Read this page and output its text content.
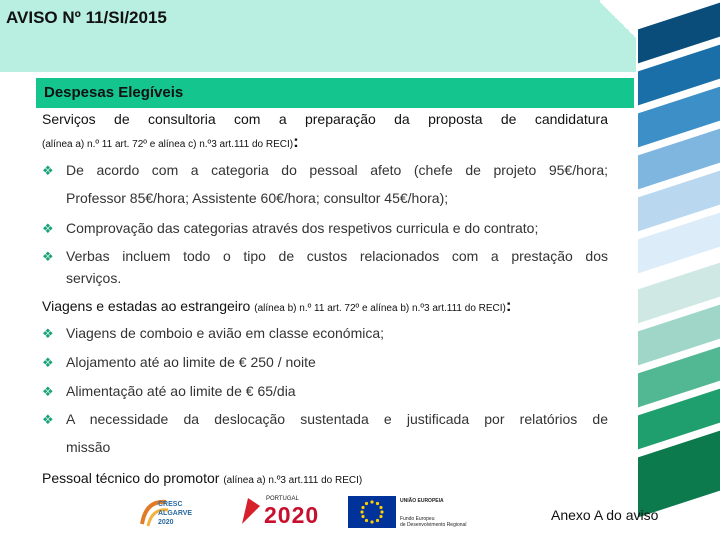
AVISO Nº 11/SI/2015
Despesas Elegíveis
Serviços de consultoria com a preparação da proposta de candidatura
(alínea a) n.º 11 art. 72º e alínea c) n.º3 art.111 do RECI):
❖ De acordo com a categoria do pessoal afeto (chefe de projeto 95€/hora;
Professor 85€/hora; Assistente 60€/hora; consultor 45€/hora);
❖ Comprovação das categorias através dos respetivos curricula e do contrato;
❖ Verbas incluem todo o tipo de custos relacionados com a prestação dos
serviços.
Viagens e estadas ao estrangeiro (alínea b) n.º 11 art. 72º e alínea b) n.º3 art.111 do RECI):
❖ Viagens de comboio e avião em classe económica;
❖ Alojamento até ao limite de € 250 / noite
❖ Alimentação até ao limite de € 65/dia
❖ A necessidade da deslocação sustentada e justificada por relatórios de
missão
Pessoal técnico do promotor (alínea a) n.º3 art.111 do RECI)
CRESC ALGARVE 2020
PORTUGAL
2020
UNIÃO EUROPEIA
Fundo Europeu
de Desenvolvimento Regional
Anexo A do aviso
